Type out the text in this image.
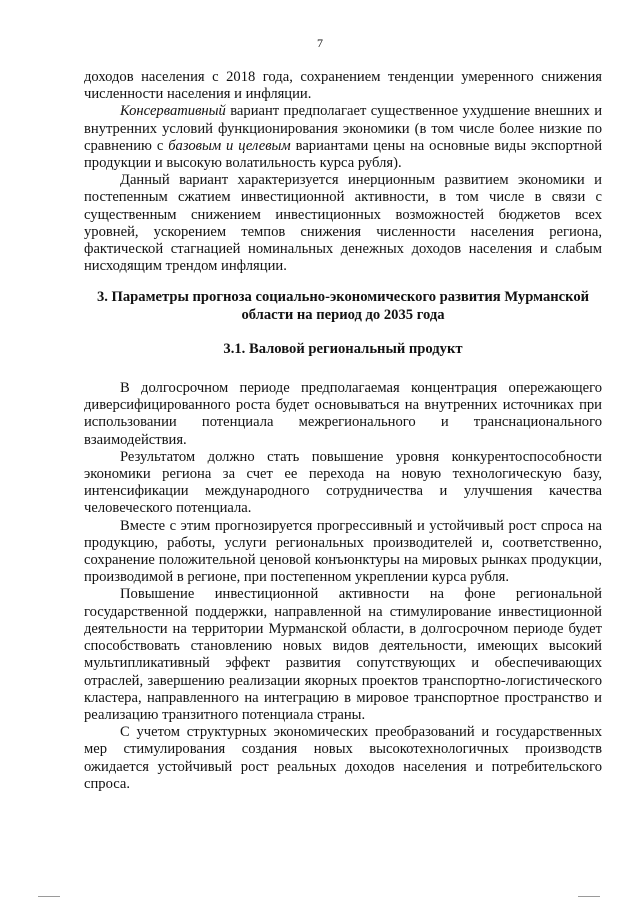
7

доходов населения с 2018 года, сохранением тенденции умеренного снижения численности населения и инфляции.

Консервативный вариант предполагает существенное ухудшение внешних и внутренних условий функционирования экономики (в том числе более низкие по сравнению с базовым и целевым вариантами цены на основные виды экспортной продукции и высокую волатильность курса рубля).

Данный вариант характеризуется инерционным развитием экономики и постепенным сжатием инвестиционной активности, в том числе в связи с существенным снижением инвестиционных возможностей бюджетов всех уровней, ускорением темпов снижения численности населения региона, фактической стагнацией номинальных денежных доходов населения и слабым нисходящим трендом инфляции.

3. Параметры прогноза социально-экономического развития Мурманской области на период до 2035 года
3.1. Валовой региональный продукт

В долгосрочном периоде предполагаемая концентрация опережающего диверсифицированного роста будет основываться на внутренних источниках при использовании потенциала межрегионального и транснационального взаимодействия.

Результатом должно стать повышение уровня конкурентоспособности экономики региона за счет ее перехода на новую технологическую базу, интенсификации международного сотрудничества и улучшения качества человеческого потенциала.

Вместе с этим прогнозируется прогрессивный и устойчивый рост спроса на продукцию, работы, услуги региональных производителей и, соответственно, сохранение положительной ценовой конъюнктуры на мировых рынках продукции, производимой в регионе, при постепенном укреплении курса рубля.

Повышение инвестиционной активности на фоне региональной государственной поддержки, направленной на стимулирование инвестиционной деятельности на территории Мурманской области, в долгосрочном периоде будет способствовать становлению новых видов деятельности, имеющих высокий мультипликативный эффект развития сопутствующих и обеспечивающих отраслей, завершению реализации якорных проектов транспортно-логистического кластера, направленного на интеграцию в мировое транспортное пространство и реализацию транзитного потенциала страны.

С учетом структурных экономических преобразований и государственных мер стимулирования создания новых высокотехнологичных производств ожидается устойчивый рост реальных доходов населения и потребительского спроса.
